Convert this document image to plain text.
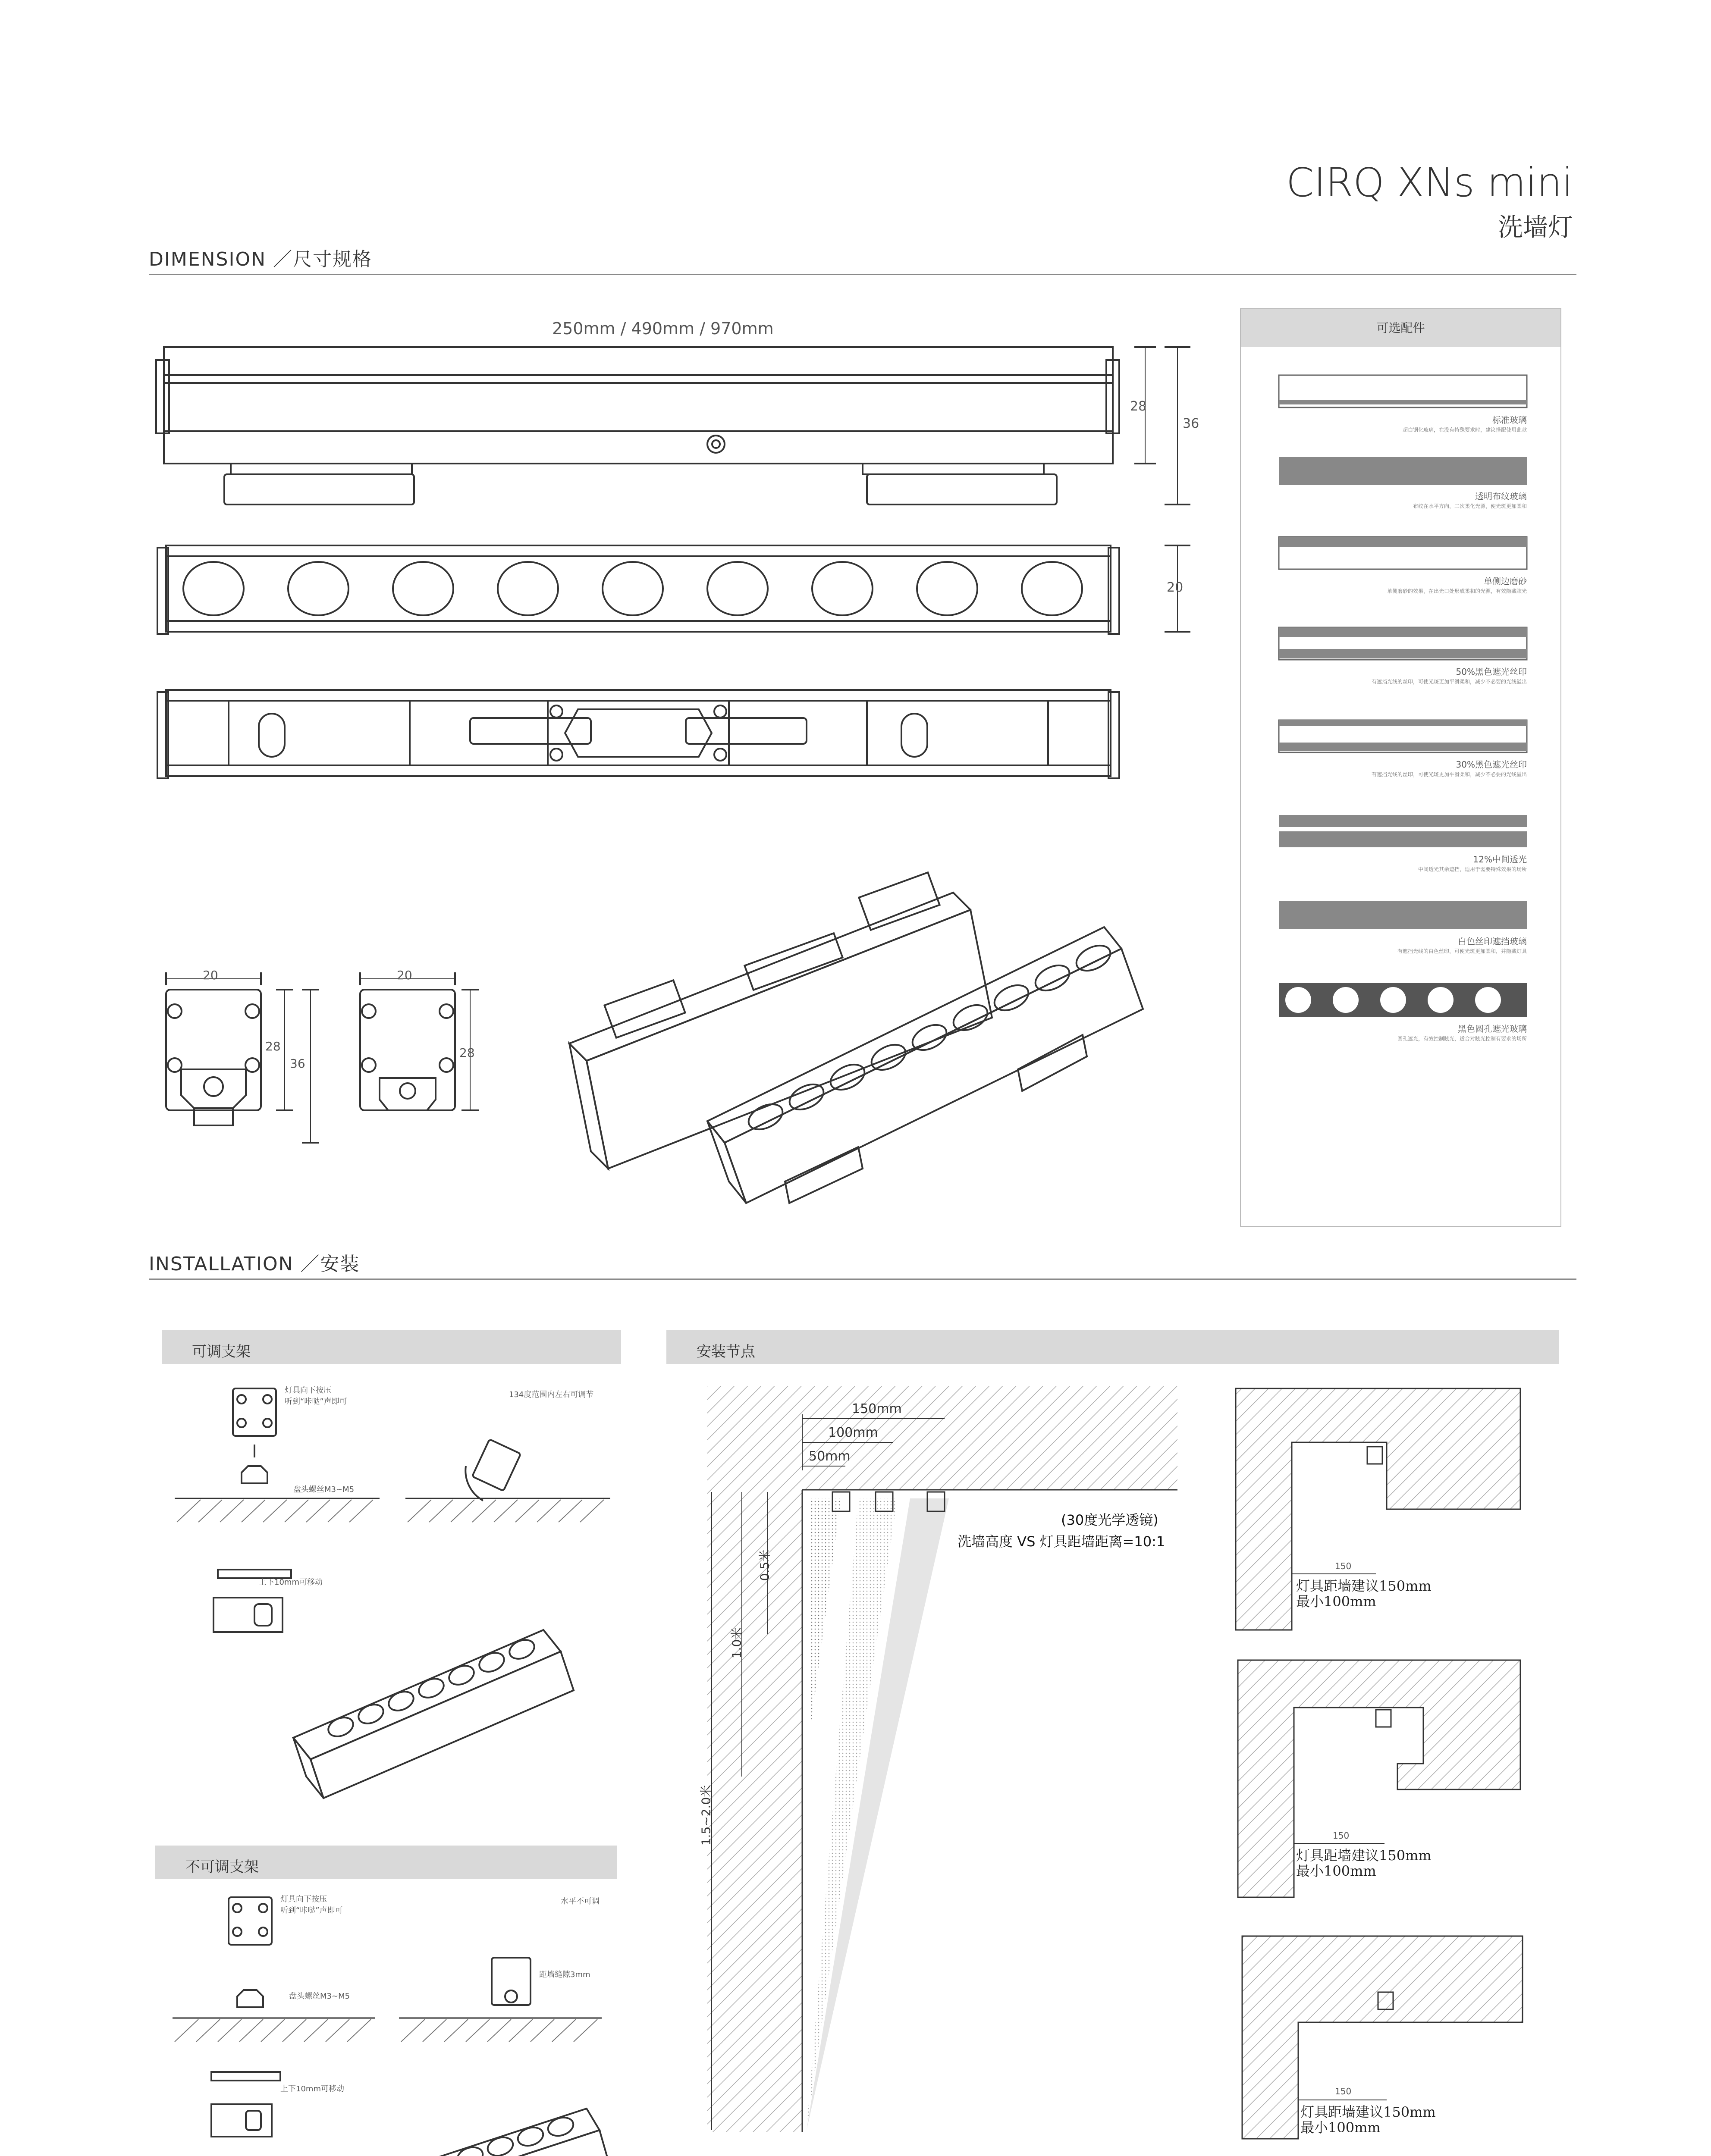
CIRQ XNs mini
洗墙灯
DIMENSION ／尺寸规格
250mm / 490mm / 970mm
28
36
20
20
28
36
20
28
可选配件
标准玻璃
超白钢化玻璃，在没有特殊要求时，建议搭配使用此款
透明布纹玻璃
布纹在水平方向，二次柔化光源，使光斑更加柔和
单侧边磨砂
单侧磨砂的效果，在出光口处形成柔和的光源，有效隐藏眩光
50%黑色遮光丝印
有遮挡光线的丝印，可使光斑更加平滑柔和，减少不必要的光线溢出
30%黑色遮光丝印
有遮挡光线的丝印，可使光斑更加平滑柔和，减少不必要的光线溢出
12%中间透光
中间透光其余遮挡，适用于需要特殊效果的场所
白色丝印遮挡玻璃
有遮挡光线的白色丝印，可使光斑更加柔和，并隐藏灯具
黑色圆孔遮光玻璃
圆孔遮光，有效控制眩光，适合对眩光控制有要求的场所
INSTALLATION ／安装
可调支架
灯具向下按压
听到“咔哒”声即可
134度范围内左右可调节
盘头螺丝M3~M5
上下10mm可移动
不可调支架
灯具向下按压
听到“咔哒”声即可
水平不可调
距墙缝隙3mm
盘头螺丝M3~M5
上下10mm可移动
安装节点
150mm
100mm
50mm
0.5米
1.0米
1.5~2.0米
(30度光学透镜)
洗墙高度 VS 灯具距墙距离=10:1
150
灯具距墙建议150mm
最小100mm
150
灯具距墙建议150mm
最小100mm
150
灯具距墙建议150mm
最小100mm
